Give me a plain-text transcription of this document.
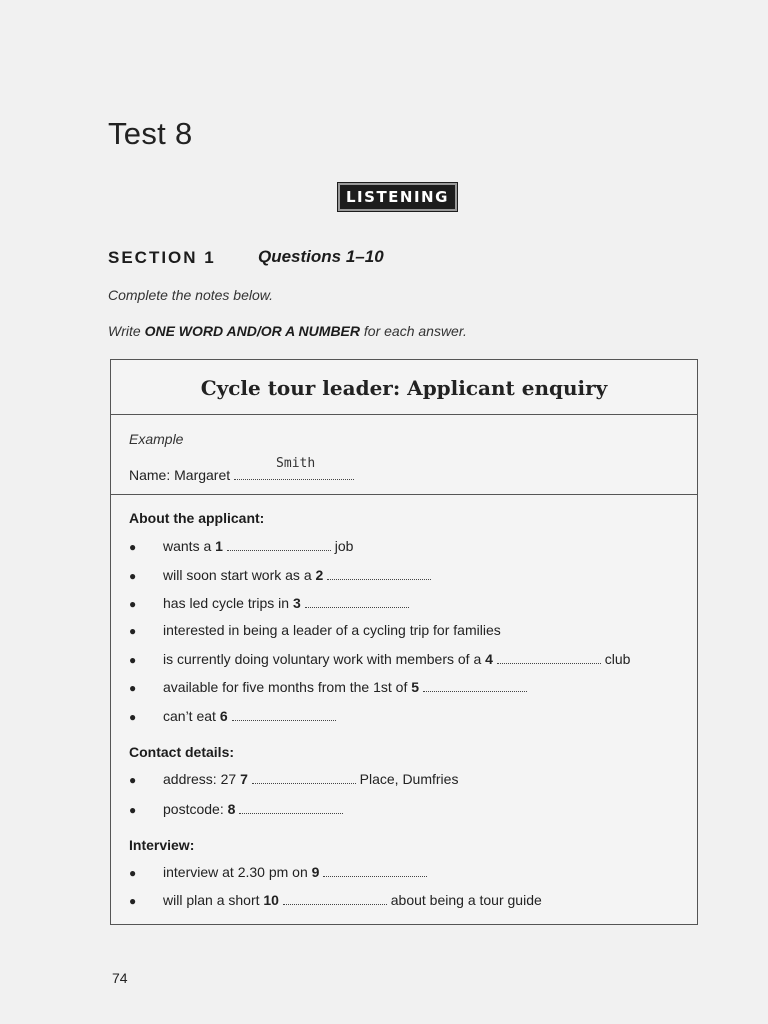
Test 8
LISTENING
SECTION 1 Questions 1–10
Complete the notes below.
Write ONE WORD AND/OR A NUMBER for each answer.
Cycle tour leader: Applicant enquiry
Example
Name: Margaret
Smith
About the applicant:
● wants a 1	job
● will soon start work as a 2
● has led cycle trips in 3
● interested in being a leader of a cycling trip for families
● is currently doing voluntary work with members of a 4	club
● available for five months from the 1st of 5
● can’t eat 6
Contact details:
● address: 27 7	Place, Dumfries
● postcode: 8
Interview:
● interview at 2.30 pm on 9
● will plan a short 10	about being a tour guide
74
